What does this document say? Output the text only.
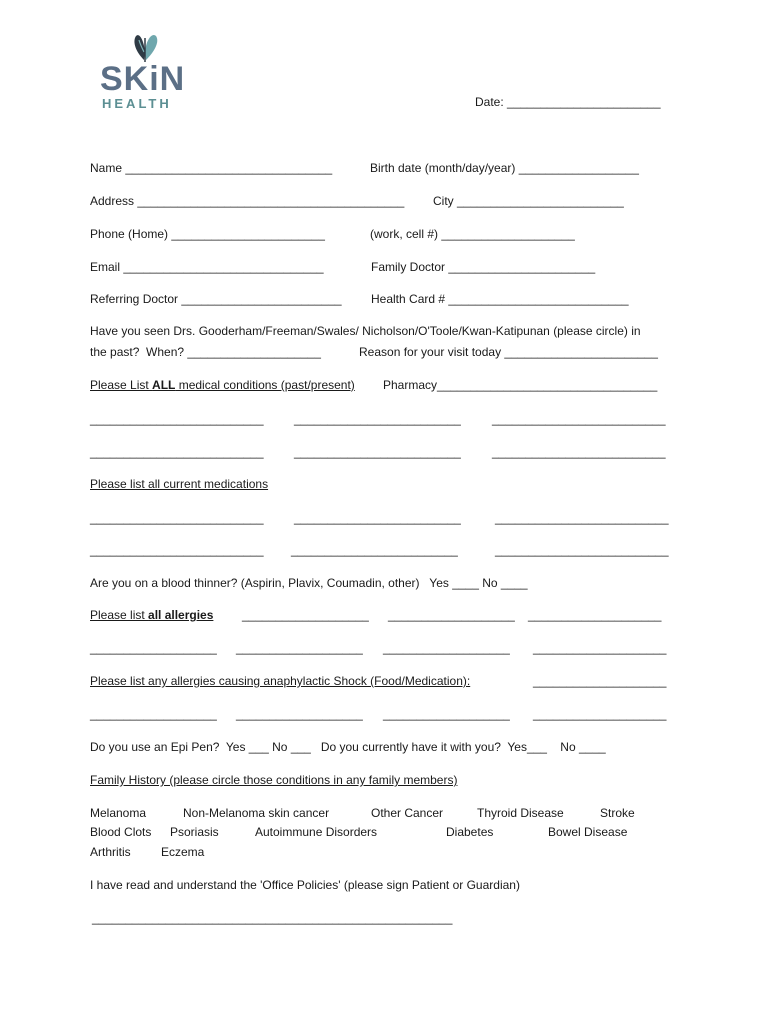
SKiN
HEALTH	Date: _______________________
Name _______________________________	Birth date (month/day/year) __________________
Address ________________________________________ City _________________________
Phone (Home) _______________________	(work, cell #) ____________________
Email ______________________________	Family Doctor ______________________
Referring Doctor ________________________ Health Card # ___________________________
Have you seen Drs. Gooderham/Freeman/Swales/ Nicholson/O'Toole/Kwan-Katipunan (please circle) in
the past?  When? ____________________	Reason for your visit today _______________________
Please List ALL medical conditions (past/present) Pharmacy_________________________________
__________________________	_________________________	__________________________
__________________________	_________________________	__________________________
Please list all current medications
__________________________	_________________________	__________________________
__________________________ _________________________	__________________________
Are you on a blood thinner? (Aspirin, Plavix, Coumadin, other)   Yes ____ No ____
Please list all allergies ___________________ ___________________ ____________________
___________________ ___________________ ___________________ ____________________
Please list any allergies causing anaphylactic Shock (Food/Medication):	____________________
___________________ ___________________ ___________________ ____________________
Do you use an Epi Pen?  Yes ___ No ___   Do you currently have it with you?  Yes___    No ____
Family History (please circle those conditions in any family members)
Melanoma	Non-Melanoma skin cancer	Other Cancer	Thyroid Disease	Stroke
Blood Clots Psoriasis	Autoimmune Disorders	Diabetes	Bowel Disease
Arthritis	Eczema
I have read and understand the 'Office Policies' (please sign Patient or Guardian)
______________________________________________________
